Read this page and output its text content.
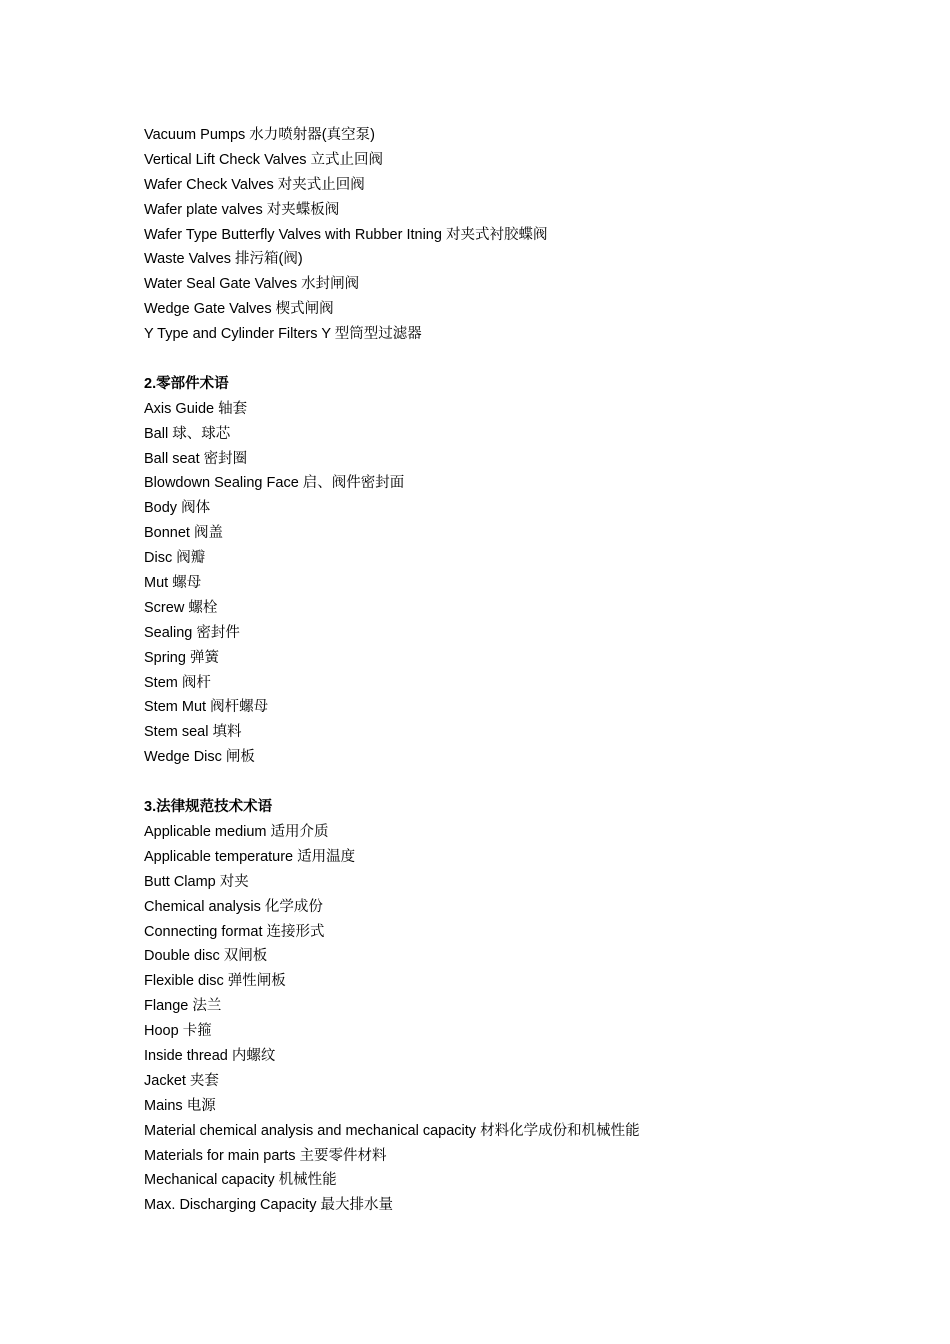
Vacuum Pumps 水力喷射器(真空泵)
Vertical Lift Check Valves 立式止回阀
Wafer Check Valves 对夹式止回阀
Wafer plate valves 对夹蝶板阀
Wafer Type Butterfly Valves with Rubber Itning 对夹式衬胶蝶阀
Waste Valves 排污箱(阀)
Water Seal Gate Valves 水封闸阀
Wedge Gate Valves 楔式闸阀
Y Type and Cylinder Filters Y 型筒型过滤器
2.零部件术语
Axis Guide 轴套
Ball 球、球芯
Ball seat 密封圈
Blowdown Sealing Face 启、阀件密封面
Body 阀体
Bonnet 阀盖
Disc 阀瓣
Mut 螺母
Screw 螺栓
Sealing 密封件
Spring 弹簧
Stem 阀杆
Stem Mut 阀杆螺母
Stem seal 填料
Wedge Disc 闸板
3.法律规范技术术语
Applicable medium 适用介质
Applicable temperature 适用温度
Butt Clamp 对夹
Chemical analysis 化学成份
Connecting format 连接形式
Double disc 双闸板
Flexible disc 弹性闸板
Flange 法兰
Hoop 卡箍
Inside thread 内螺纹
Jacket 夹套
Mains 电源
Material chemical analysis and mechanical capacity 材料化学成份和机械性能
Materials for main parts 主要零件材料
Mechanical capacity 机械性能
Max. Discharging Capacity 最大排水量
